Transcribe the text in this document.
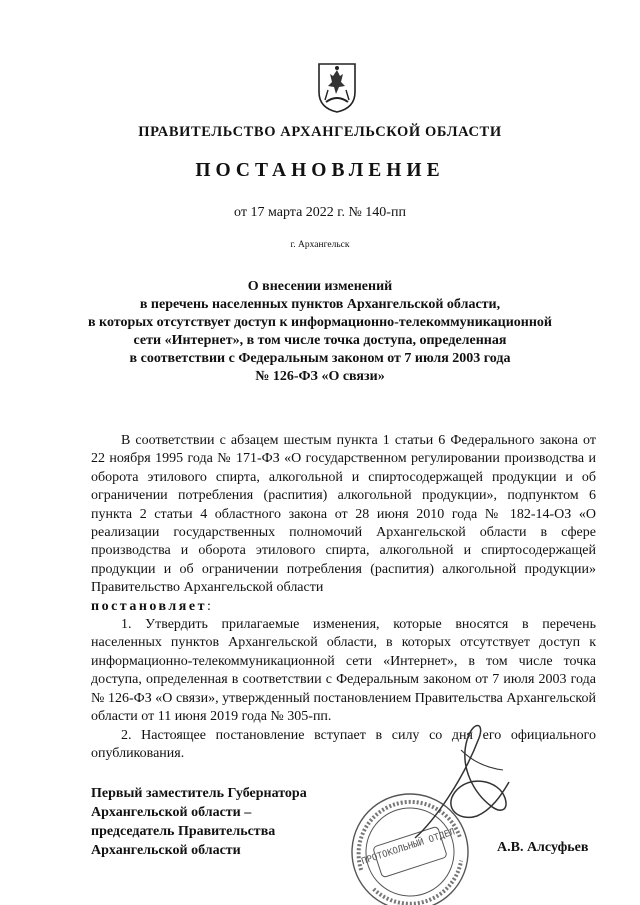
ПРАВИТЕЛЬСТВО АРХАНГЕЛЬСКОЙ ОБЛАСТИ
ПОСТАНОВЛЕНИЕ
от 17 марта 2022 г. № 140-пп
г. Архангельск
О внесении изменений
в перечень населенных пунктов Архангельской области,
в которых отсутствует доступ к информационно-телекоммуникационной
сети «Интернет», в том числе точка доступа, определенная
в соответствии с Федеральным законом от 7 июля 2003 года
№ 126-ФЗ «О связи»

В соответствии с абзацем шестым пункта 1 статьи 6 Федерального закона от 22 ноября 1995 года № 171-ФЗ «О государственном регулировании производства и оборота этилового спирта, алкогольной и спиртосодержащей продукции и об ограничении потребления (распития) алкогольной продукции», подпунктом 6 пункта 2 статьи 4 областного закона от 28 июня 2010 года № 182-14-ОЗ «О реализации государственных полномочий Архангельской области в сфере производства и оборота этилового спирта, алкогольной и спиртосодержащей продукции и об ограничении потребления (распития) алкогольной продукции» Правительство Архангельской области

постановляет:

1. Утвердить прилагаемые изменения, которые вносятся в перечень населенных пунктов Архангельской области, в которых отсутствует доступ к информационно-телекоммуникационной сети «Интернет», в том числе точка доступа, определенная в соответствии с Федеральным законом от 7 июля 2003 года № 126-ФЗ «О связи», утвержденный постановлением Правительства Архангельской области от 11 июня 2019 года № 305-пп.

2. Настоящее постановление вступает в силу со дня его официального опубликования.

Первый заместитель Губернатора
Архангельской области –
председатель Правительства
Архангельской области	ПРОТОКОЛЬНЫЙ ОТДЕЛ	А.В. Алсуфьев
